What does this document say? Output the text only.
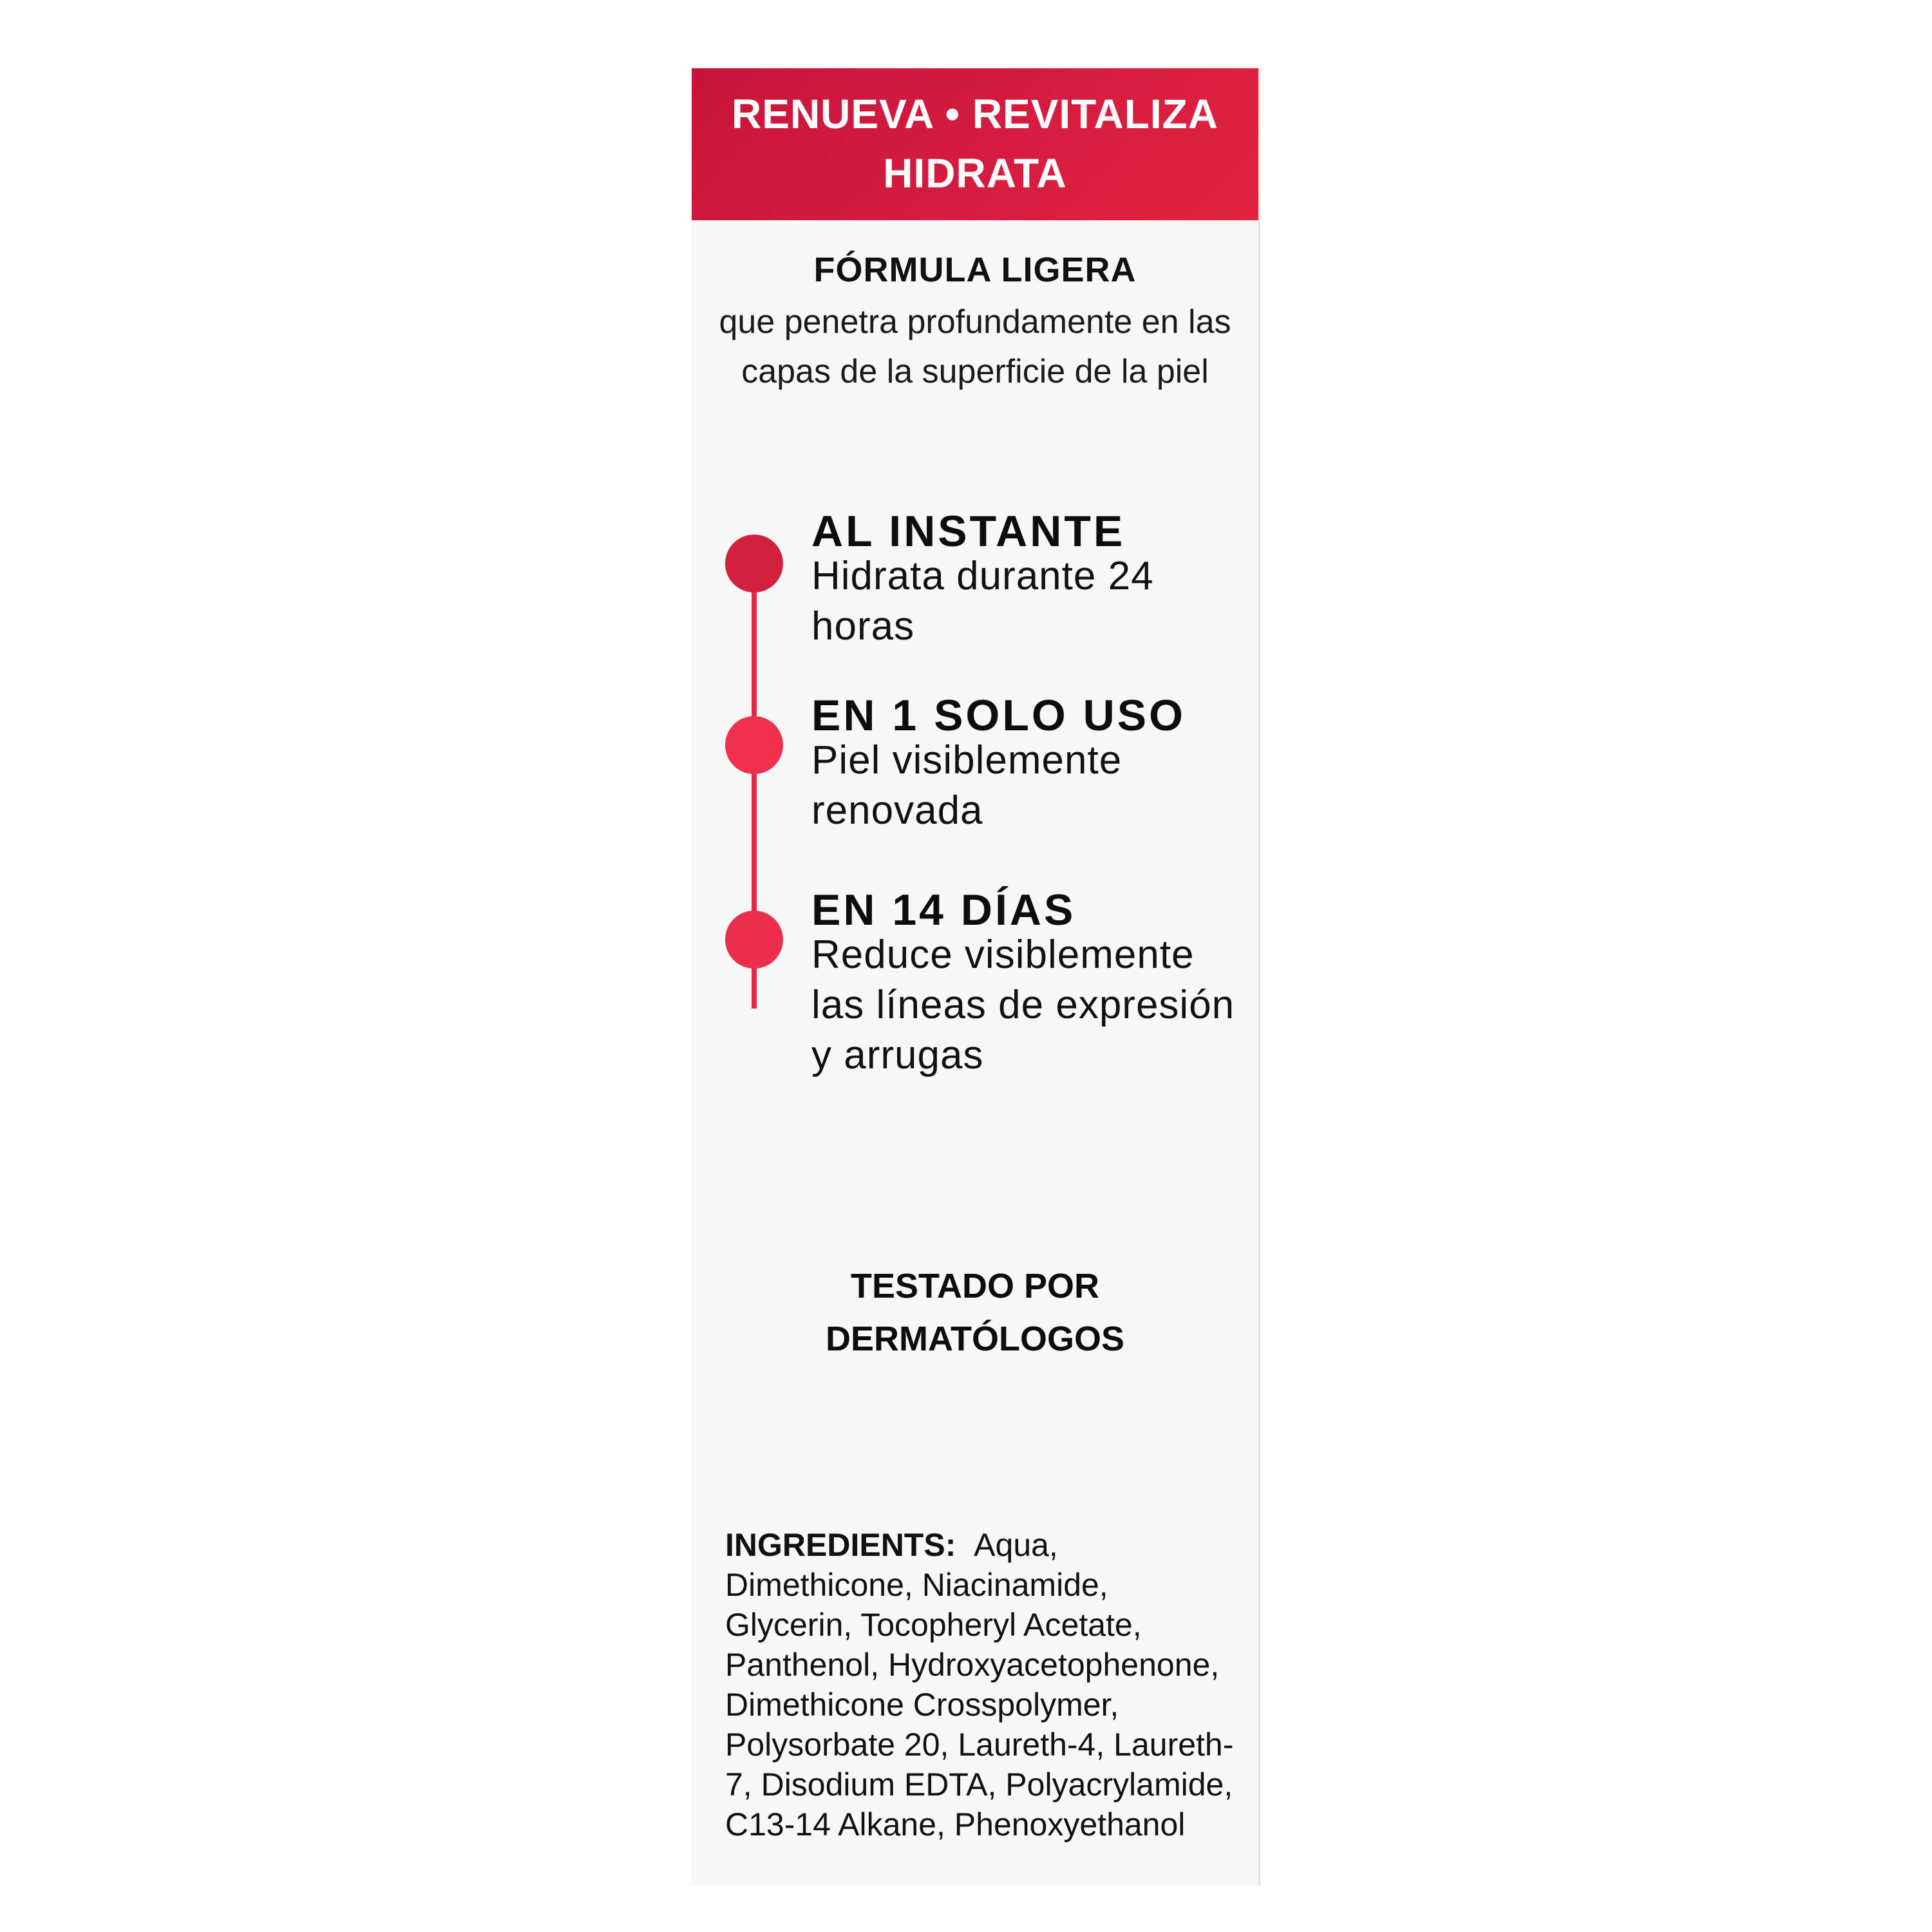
RENUEVA • REVITALIZA
HIDRATA
FÓRMULA LIGERA
que penetra profundamente en las capas de la superficie de la piel
AL INSTANTE
Hidrata durante 24 horas
EN 1 SOLO USO
Piel visiblemente renovada
EN 14 DÍAS
Reduce visiblemente las líneas de expresión y arrugas
TESTADO POR
DERMATÓLOGOS
INGREDIENTS: Aqua, Dimethicone, Niacinamide, Glycerin, Tocopheryl Acetate, Panthenol, Hydroxyacetophenone, Dimethicone Crosspolymer, Polysorbate 20, Laureth-4, Laureth-7, Disodium EDTA, Polyacrylamide, C13-14 Alkane, Phenoxyethanol
